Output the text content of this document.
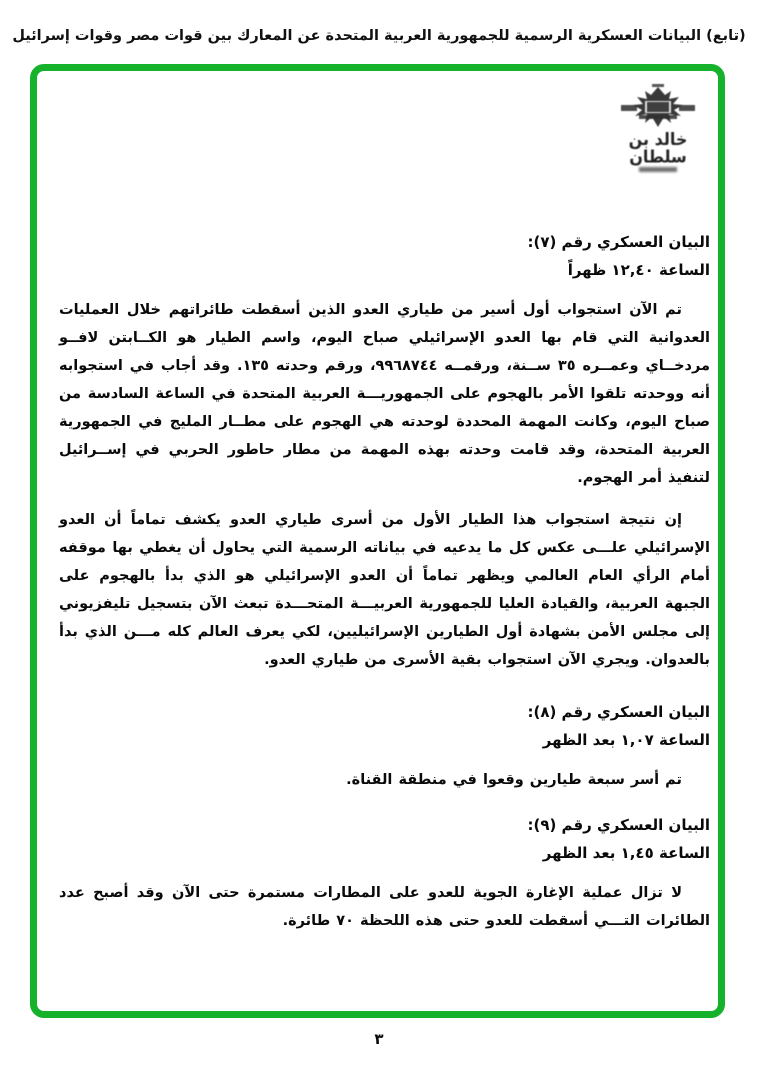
(تابع) البيانات العسكرية الرسمية للجمهورية العربية المتحدة عن المعارك بين قوات مصر وقوات إسرائيل
خالد بن سلطان
البيان العسكري رقم (٧):
الساعة ١٢,٤٠ ظهراً

تم الآن استجواب أول أسير من طياري العدو الذين أسقطت طائراتهم خلال العمليات العدوانية التي قام بها العدو الإسرائيلي صباح اليوم، واسم الطيار هو الكــابتن لافــو مردخــاي وعمــره ٣٥ ســنة، ورقمــه ٩٩٦٨٧٤٤، ورقم وحدته ١٣٥. وقد أجاب في استجوابه أنه ووحدته تلقوا الأمر بالهجوم على الجمهوريـــة العربية المتحدة في الساعة السادسة من صباح اليوم، وكانت المهمة المحددة لوحدته هي الهجوم على مطــار المليج في الجمهورية العربية المتحدة، وقد قامت وحدته بهذه المهمة من مطار حاطور الحربي في إســرائيل لتنفيذ أمر الهجوم.

إن نتيجة استجواب هذا الطيار الأول من أسرى طياري العدو يكشف تماماً أن العدو الإسرائيلي علـــى عكس كل ما يدعيه في بياناته الرسمية التي يحاول أن يغطي بها موقفه أمام الرأي العام العالمي ويظهر تماماً أن العدو الإسرائيلي هو الذي بدأ بالهجوم على الجبهة العربية، والقيادة العليا للجمهورية العربيـــة المتحـــدة تبعث الآن بتسجيل تليفزيوني إلى مجلس الأمن بشهادة أول الطيارين الإسرائيليين، لكي يعرف العالم كله مـــن الذي بدأ بالعدوان. ويجري الآن استجواب بقية الأسرى من طياري العدو.

البيان العسكري رقم (٨):
الساعة ١,٠٧ بعد الظهر

تم أسر سبعة طيارين وقعوا في منطقة القناة.

البيان العسكري رقم (٩):
الساعة ١,٤٥ بعد الظهر

لا تزال عملية الإغارة الجوية للعدو على المطارات مستمرة حتى الآن وقد أصبح عدد الطائرات التـــي أسقطت للعدو حتى هذه اللحظة ٧٠ طائرة.

٣
